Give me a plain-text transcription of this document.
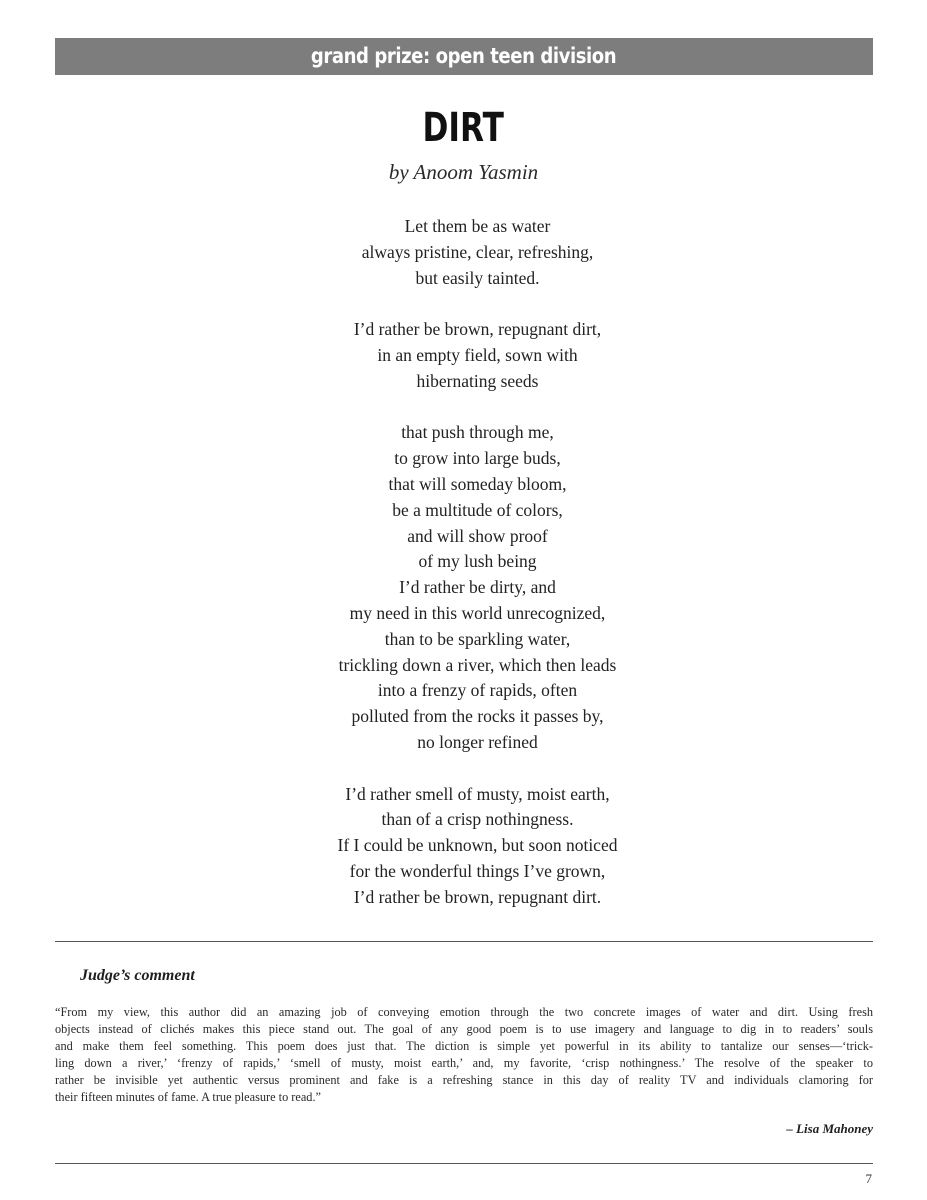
grand prize: open teen division
DIRT
by Anoom Yasmin
Let them be as water
always pristine, clear, refreshing,
but easily tainted.
I’d rather be brown, repugnant dirt,
in an empty field, sown with
hibernating seeds
that push through me,
to grow into large buds,
that will someday bloom,
be a multitude of colors,
and will show proof
of my lush being
I’d rather be dirty, and
my need in this world unrecognized,
than to be sparkling water,
trickling down a river, which then leads
into a frenzy of rapids, often
polluted from the rocks it passes by,
no longer refined
I’d rather smell of musty, moist earth,
than of a crisp nothingness.
If I could be unknown, but soon noticed
for the wonderful things I’ve grown,
I’d rather be brown, repugnant dirt.
Judge’s comment
“From my view, this author did an amazing job of conveying emotion through the two concrete images of water and dirt. Using fresh
objects instead of clichés makes this piece stand out. The goal of any good poem is to use imagery and language to dig in to readers’ souls
and make them feel something. This poem does just that. The diction is simple yet powerful in its ability to tantalize our senses—‘trick-
ling down a river,’ ‘frenzy of rapids,’ ‘smell of musty, moist earth,’ and, my favorite, ‘crisp nothingness.’ The resolve of the speaker to
rather be invisible yet authentic versus prominent and fake is a refreshing stance in this day of reality TV and individuals clamoring for
their fifteen minutes of fame. A true pleasure to read.”
– Lisa Mahoney
7
